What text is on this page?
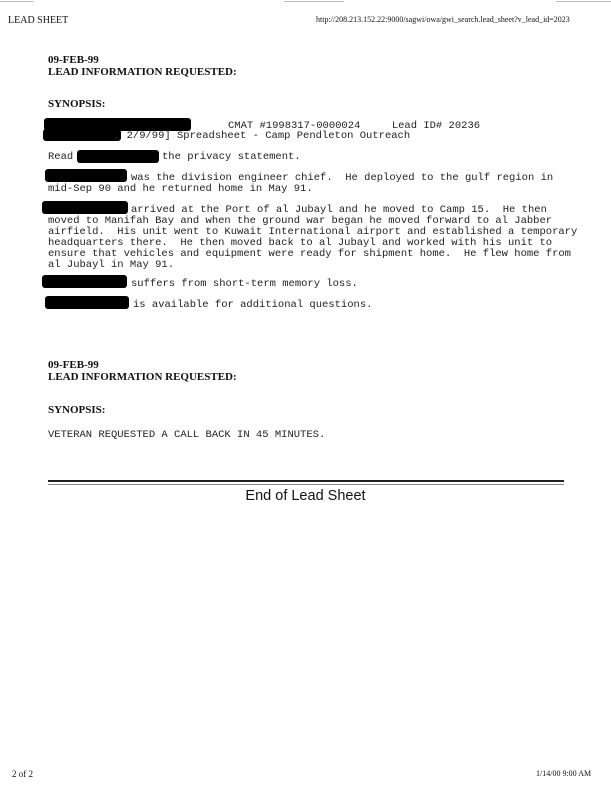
LEAD SHEET	http://208.213.152.22:9000/sagwi/owa/gwi_search.lead_sheet?v_lead_id=2023
09-FEB-99
LEAD INFORMATION REQUESTED:
SYNOPSIS:
CMAT #1998317-0000024     Lead ID# 20236
, 2/9/99] Spreadsheet - Camp Pendleton Outreach
Read	the privacy statement.
was the division engineer chief.  He deployed to the gulf region in
mid-Sep 90 and he returned home in May 91.
arrived at the Port of al Jubayl and he moved to Camp 15.  He then
moved to Manifah Bay and when the ground war began he moved forward to al Jabber
airfield.  His unit went to Kuwait International airport and established a temporary
headquarters there.  He then moved back to al Jubayl and worked with his unit to
ensure that vehicles and equipment were ready for shipment home.  He flew home from
al Jubayl in May 91.
suffers from short-term memory loss.
is available for additional questions.
09-FEB-99
LEAD INFORMATION REQUESTED:
SYNOPSIS:
VETERAN REQUESTED A CALL BACK IN 45 MINUTES.
End of Lead Sheet
2 of 2	1/14/00 9:00 AM
